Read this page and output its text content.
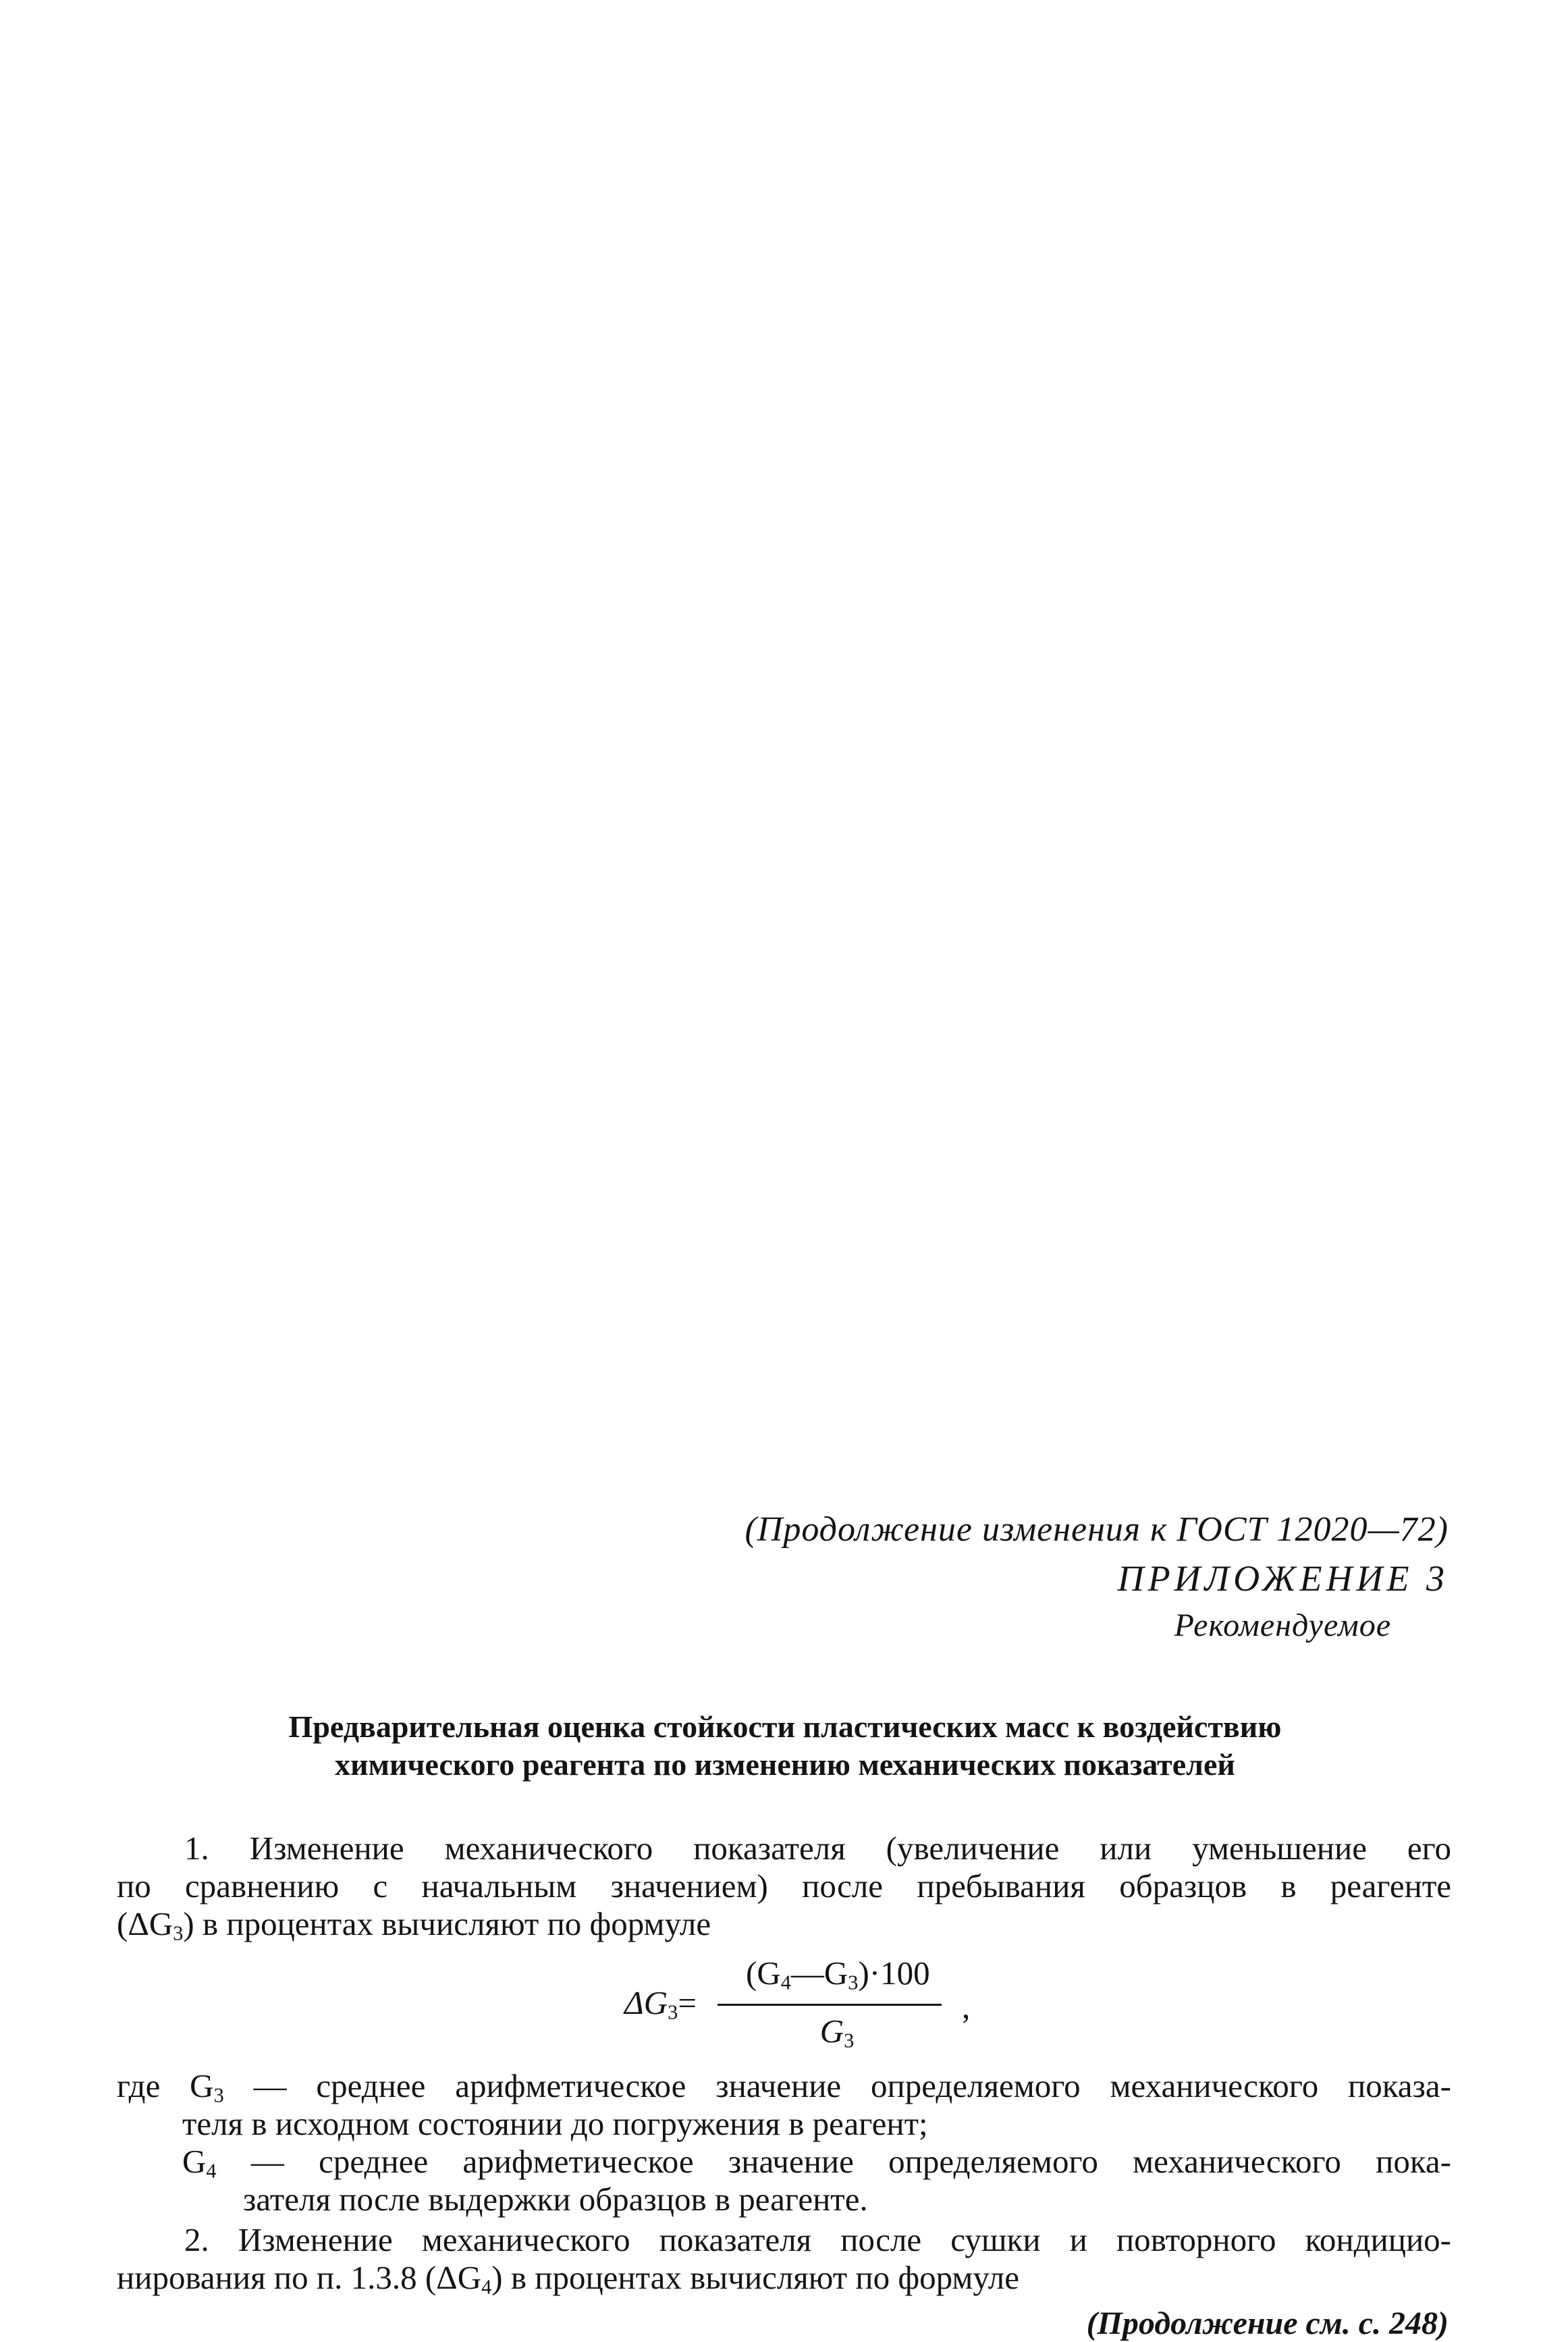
(Продолжение изменения к ГОСТ 12020—72)
ПРИЛОЖЕНИЕ 3
Рекомендуемое
Предварительная оценка стойкости пластических масс к воздействию
химического реагента по изменению механических показателей
1. Изменение механического показателя (увеличение или уменьшение его
по сравнению с начальным значением) после пребывания образцов в реагенте
$(\Delta G_3)$ в процентах вычисляют по формуле
$\Delta G_3=$
$(G_4—G_3)\cdot 100$
$G_3$
,
где $G_3$ — среднее арифметическое значение определяемого механического показа-
теля в исходном состоянии до погружения в реагент;
$G_4$ — среднее арифметическое значение определяемого механического пока-
зателя после выдержки образцов в реагенте.
2. Изменение механического показателя после сушки и повторного кондицио-
нирования по п. 1.3.8 $(\Delta G_4)$ в процентах вычисляют по формуле
(Продолжение см. с. 248)
